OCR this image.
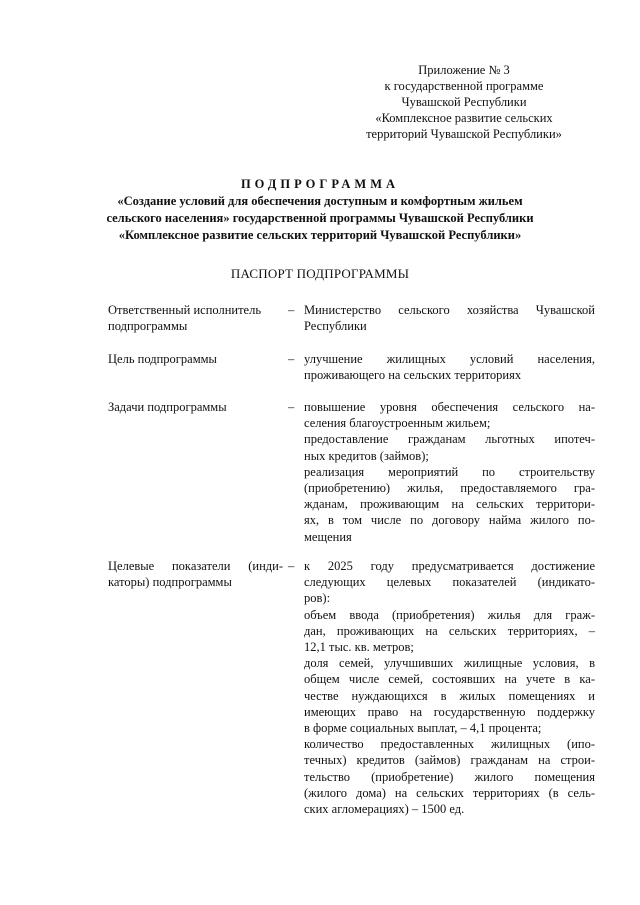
Приложение № 3
к государственной программе
Чувашской Республики
«Комплексное развитие сельских
территорий Чувашской Республики»
ПОДПРОГРАММА
«Создание условий для обеспечения доступным и комфортным жильем
сельского населения» государственной программы Чувашской Республики
«Комплексное развитие сельских территорий Чувашской Республики»
ПАСПОРТ ПОДПРОГРАММЫ
Ответственный исполнитель
подпрограммы
– Министерство сельского хозяйства Чувашской
Республики
Цель подпрограммы	– улучшение жилищных условий населения,
проживающего на сельских территориях
Задачи подпрограммы	– повышение уровня обеспечения сельского на-
селения благоустроенным жильем;
предоставление гражданам льготных ипотеч-
ных кредитов (займов);
реализация мероприятий по строительству
(приобретению) жилья, предоставляемого гра-
жданам, проживающим на сельских территори-
ях, в том числе по договору найма жилого по-
мещения
Целевые показатели (инди-
каторы) подпрограммы
– к 2025 году предусматривается достижение
следующих целевых показателей (индикато-
ров):
объем ввода (приобретения) жилья для граж-
дан, проживающих на сельских территориях, –
12,1 тыс. кв. метров;
доля семей, улучшивших жилищные условия, в
общем числе семей, состоявших на учете в ка-
честве нуждающихся в жилых помещениях и
имеющих право на государственную поддержку
в форме социальных выплат, – 4,1 процента;
количество предоставленных жилищных (ипо-
течных) кредитов (займов) гражданам на строи-
тельство (приобретение) жилого помещения
(жилого дома) на сельских территориях (в сель-
ских агломерациях) – 1500 ед.
